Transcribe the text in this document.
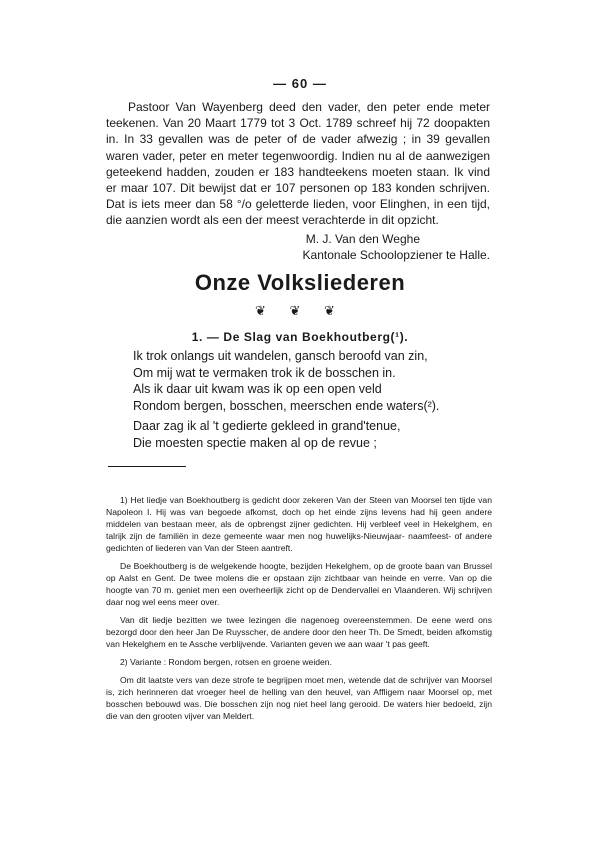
— 60 —

Pastoor Van Wayenberg deed den vader, den peter ende meter teekenen. Van 20 Maart 1779 tot 3 Oct. 1789 schreef hij 72 doopakten in. In 33 gevallen was de peter of de vader afwezig ; in 39 gevallen waren vader, peter en meter tegenwoordig. Indien nu al de aanwezigen geteekend hadden, zouden er 183 handteekens moeten staan. Ik vind er maar 107. Dit bewijst dat er 107 personen op 183 konden schrijven. Dat is iets meer dan 58 °/o geletterde lieden, voor Elinghen, in een tijd, die aanzien wordt als een der meest verachterde in dit opzicht.

M. J. Van den Weghe
Kantonale Schoolopziener te Halle.
Onze Volksliederen
❦ ❦ ❦
1. — De Slag van Boekhoutberg(¹).
Ik trok onlangs uit wandelen, gansch beroofd van zin,
Om mij wat te vermaken trok ik de bosschen in.
Als ik daar uit kwam was ik op een open veld
Rondom bergen, bosschen, meerschen ende waters(²).
Daar zag ik al 't gedierte gekleed in grand'tenue,
Die moesten spectie maken al op de revue ;

1) Het liedje van Boekhoutberg is gedicht door zekeren Van der Steen van Moorsel ten tijde van Napoleon I. Hij was van begoede afkomst, doch op het einde zijns levens had hij geen andere middelen van bestaan meer, als de opbrengst zijner gedichten. Hij verbleef veel in Hekelghem, en talrijk zijn de familiën in deze gemeente waar men nog huwelijks-Nieuwjaar- naamfeest- of andere gedichten of liederen van Van der Steen aantreft.

De Boekhoutberg is de welgekende hoogte, bezijden Hekelghem, op de groote baan van Brussel op Aalst en Gent. De twee molens die er opstaan zijn zichtbaar van heinde en verre. Van op die hoogte van 70 m. geniet men een overheerlijk zicht op de Dendervallei en Vlaanderen. Wij schrijven daar nog wel eens meer over.

Van dit liedje bezitten we twee lezingen die nagenoeg overeenstemmen. De eene werd ons bezorgd door den heer Jan De Ruysscher, de andere door den heer Th. De Smedt, beiden afkomstig van Hekelghem en te Assche verblijvende. Varianten geven we aan waar 't pas geeft.

2) Variante : Rondom bergen, rotsen en groene weiden.

Om dit laatste vers van deze strofe te begrijpen moet men, wetende dat de schrijver van Moorsel is, zich herinneren dat vroeger heel de helling van den heuvel, van Affligem naar Moorsel op, met bosschen bebouwd was. Die bosschen zijn nog niet heel lang gerooid. De waters hier bedoeld, zijn die van den grooten vijver van Meldert.
